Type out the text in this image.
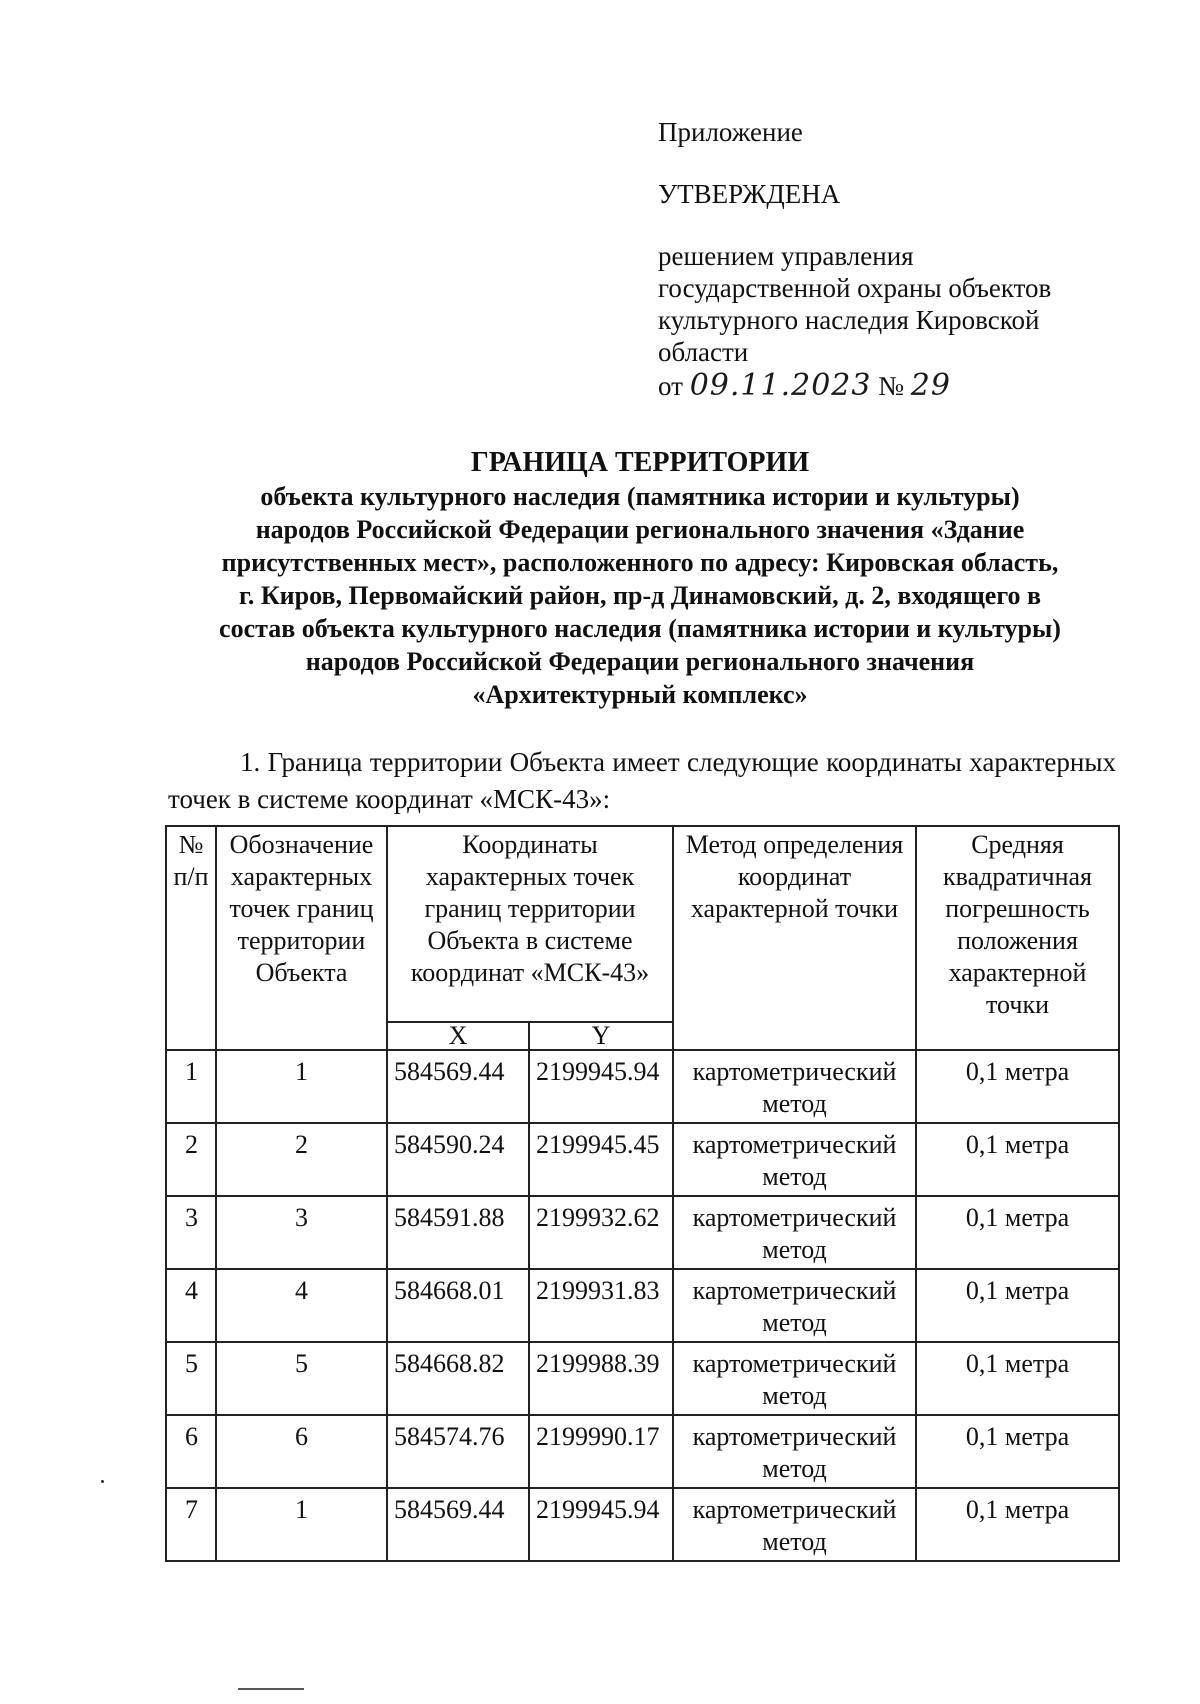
Приложение

УТВЕРЖДЕНА

решением управления государственной охраны объектов культурного наследия Кировской области

от 09.11.2023 № 29

ГРАНИЦА ТЕРРИТОРИИ

объекта культурного наследия (памятника истории и культуры)

народов Российской Федерации регионального значения «Здание

присутственных мест», расположенного по адресу: Кировская область,

г. Киров, Первомайский район, пр-д Динамовский, д. 2, входящего в

состав объекта культурного наследия (памятника истории и культуры)

народов Российской Федерации регионального значения

«Архитектурный комплекс»

1. Граница территории Объекта имеет следующие координаты характерных точек в системе координат «МСК-43»:
№ п/п	Обозначение характерных точек границ территории Объекта	Координаты характерных точек границ территории Объекта в системе координат «МСК-43»		Метод определения координат характерной точки	Средняя квадратичная погрешность положения характерной точки
		X	Y		
1	1	584569.44	2199945.94	картометрический метод	0,1 метра
2	2	584590.24	2199945.45	картометрический метод	0,1 метра
3	3	584591.88	2199932.62	картометрический метод	0,1 метра
4	4	584668.01	2199931.83	картометрический метод	0,1 метра
5	5	584668.82	2199988.39	картометрический метод	0,1 метра
6	6	584574.76	2199990.17	картометрический метод	0,1 метра
7	1	584569.44	2199945.94	картометрический метод	0,1 метра
